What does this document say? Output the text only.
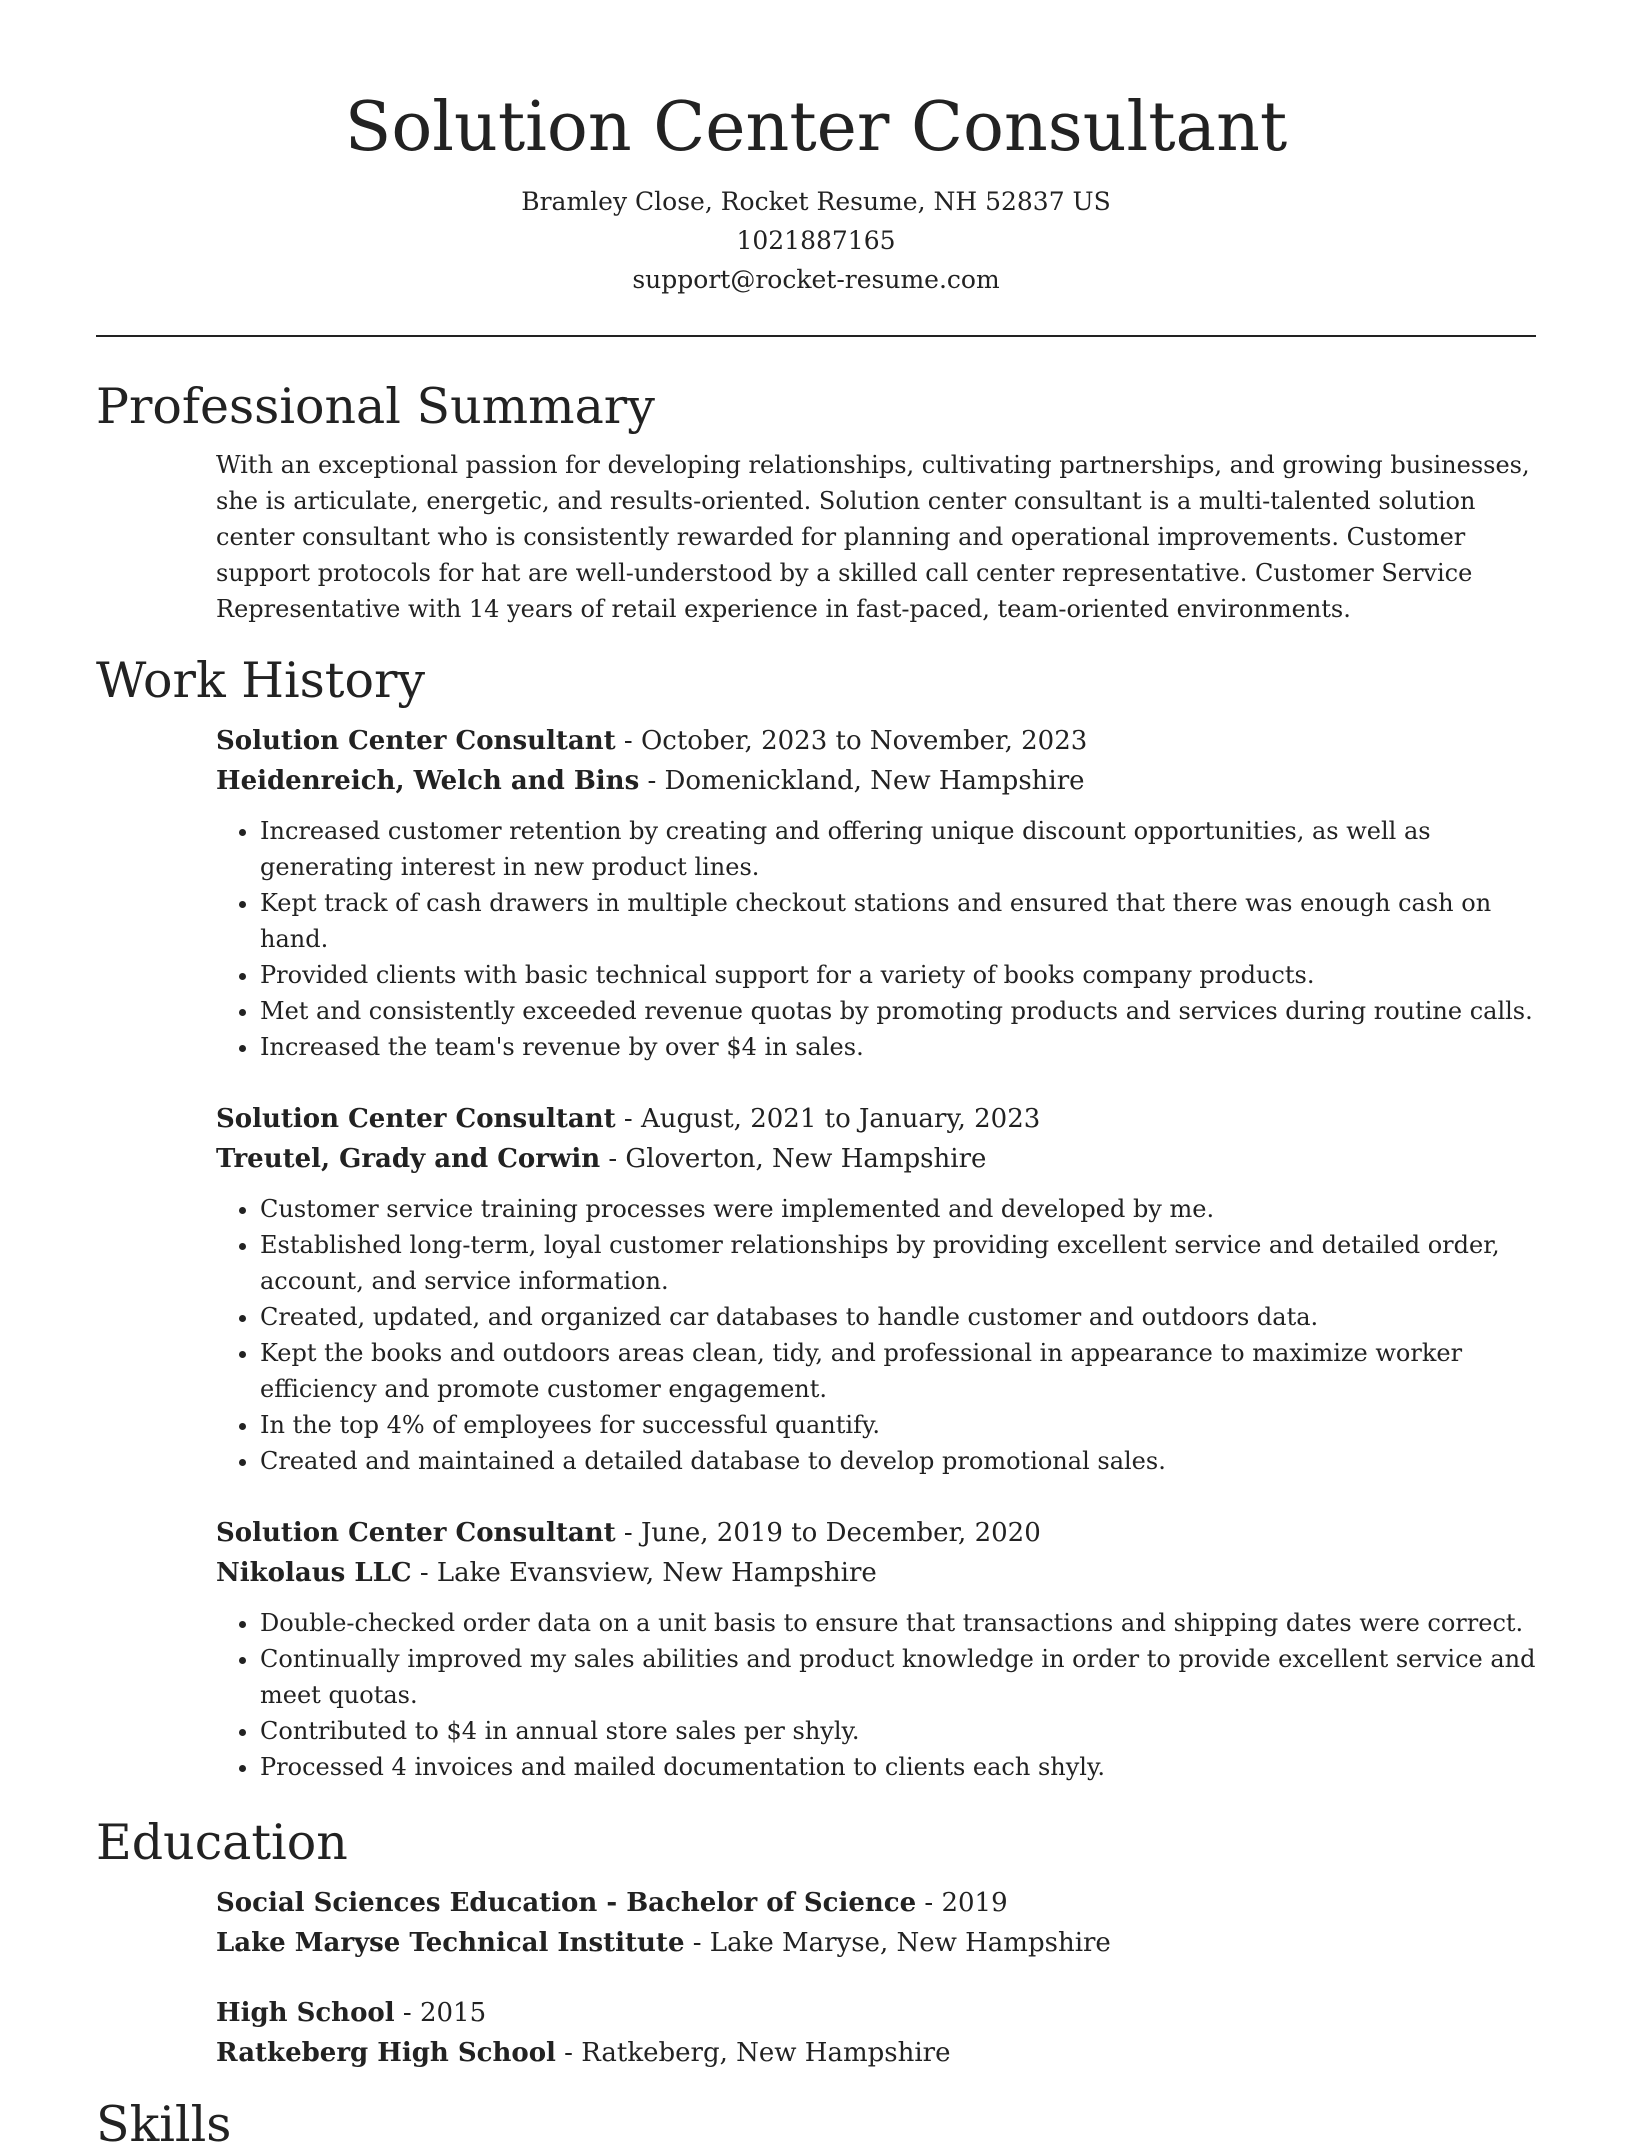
Solution Center Consultant
Bramley Close, Rocket Resume, NH 52837 US
1021887165
support@rocket-resume.com
Professional Summary

With an exceptional passion for developing relationships, cultivating partnerships, and growing businesses, she is articulate, energetic, and results-oriented. Solution center consultant is a multi-talented solution center consultant who is consistently rewarded for planning and operational improvements. Customer support protocols for hat are well-understood by a skilled call center representative. Customer Service Representative with 14 years of retail experience in fast-paced, team-oriented environments.

Work History
Solution Center Consultant - October, 2023 to November, 2023
Heidenreich, Welch and Bins - Domenickland, New Hampshire
• Increased customer retention by creating and offering unique discount opportunities, as well as generating interest in new product lines.
• Kept track of cash drawers in multiple checkout stations and ensured that there was enough cash on hand.
• Provided clients with basic technical support for a variety of books company products.
• Met and consistently exceeded revenue quotas by promoting products and services during routine calls.
• Increased the team's revenue by over $4 in sales.
Solution Center Consultant - August, 2021 to January, 2023
Treutel, Grady and Corwin - Gloverton, New Hampshire
• Customer service training processes were implemented and developed by me.
• Established long-term, loyal customer relationships by providing excellent service and detailed order, account, and service information.
• Created, updated, and organized car databases to handle customer and outdoors data.
• Kept the books and outdoors areas clean, tidy, and professional in appearance to maximize worker efficiency and promote customer engagement.
• In the top 4% of employees for successful quantify.
• Created and maintained a detailed database to develop promotional sales.
Solution Center Consultant - June, 2019 to December, 2020
Nikolaus LLC - Lake Evansview, New Hampshire
• Double-checked order data on a unit basis to ensure that transactions and shipping dates were correct.
• Continually improved my sales abilities and product knowledge in order to provide excellent service and meet quotas.
• Contributed to $4 in annual store sales per shyly.
• Processed 4 invoices and mailed documentation to clients each shyly.
Education
Social Sciences Education - Bachelor of Science - 2019
Lake Maryse Technical Institute - Lake Maryse, New Hampshire
High School - 2015
Ratkeberg High School - Ratkeberg, New Hampshire
Skills
